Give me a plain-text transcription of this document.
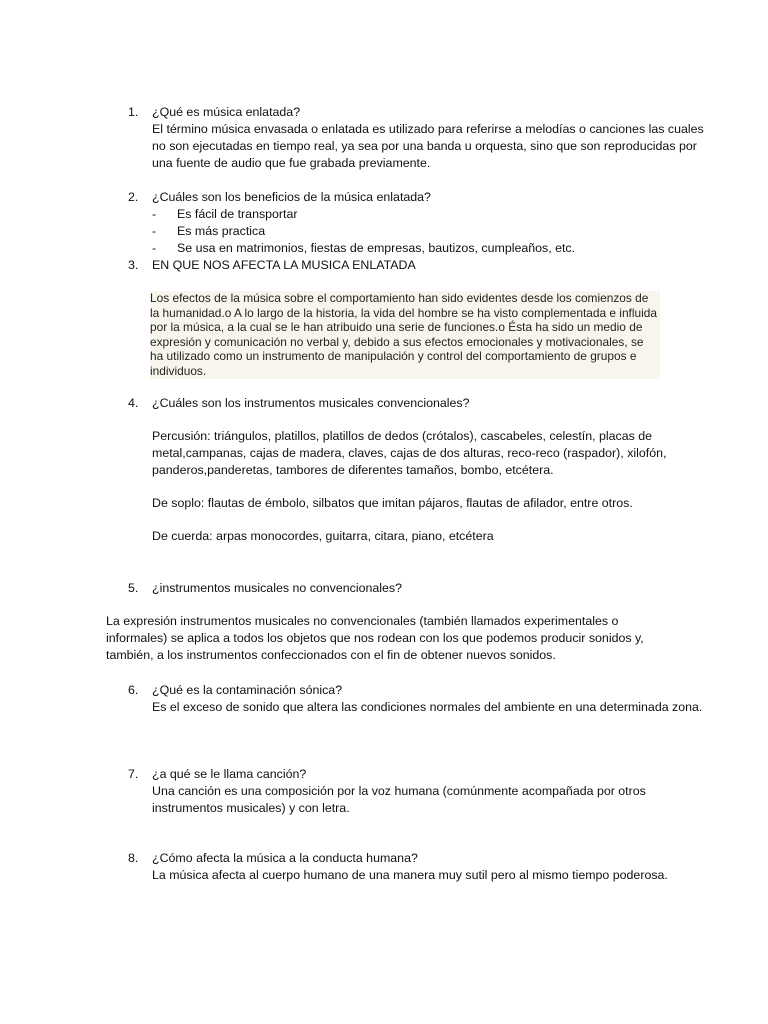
1.	¿Qué es música enlatada?
El término música envasada o enlatada es utilizado para referirse a melodías o canciones las cuales no son ejecutadas en tiempo real, ya sea por una banda u orquesta, sino que son reproducidas por una fuente de audio que fue grabada previamente.
2.	¿Cuáles son los beneficios de la música enlatada?
- Es fácil de transportar
- Es más practica
- Se usa en matrimonios, fiestas de empresas, bautizos, cumpleaños, etc.
3.	EN QUE NOS AFECTA LA MUSICA ENLATADA
Los efectos de la música sobre el comportamiento han sido evidentes desde los comienzos de la humanidad.o A lo largo de la historia, la vida del hombre se ha visto complementada e influida por la música, a la cual se le han atribuido una serie de funciones.o Ésta ha sido un medio de expresión y comunicación no verbal y, debido a sus efectos emocionales y motivacionales, se ha utilizado como un instrumento de manipulación y control del comportamiento de grupos e individuos.
4.	¿Cuáles son los instrumentos musicales convencionales?

Percusión: triángulos, platillos, platillos de dedos (crótalos), cascabeles, celestín, placas de metal,campanas, cajas de madera, claves, cajas de dos alturas, reco-reco (raspador), xilofón, panderos,panderetas, tambores de diferentes tamaños, bombo, etcétera.

De soplo: flautas de émbolo, silbatos que imitan pájaros, flautas de afilador, entre otros.

De cuerda: arpas monocordes, guitarra, citara, piano, etcétera

5.	¿instrumentos musicales no convencionales?
La expresión instrumentos musicales no convencionales (también llamados experimentales o informales) se aplica a todos los objetos que nos rodean con los que podemos producir sonidos y, también, a los instrumentos confeccionados con el fin de obtener nuevos sonidos.
6.	¿Qué es la contaminación sónica?
Es el exceso de sonido que altera las condiciones normales del ambiente en una determinada zona.
7.	¿a qué se le llama canción?
Una canción es una composición por la voz humana (comúnmente acompañada por otros instrumentos musicales) y con letra.
8.	¿Cómo afecta la música a la conducta humana?
La música afecta al cuerpo humano de una manera muy sutil pero al mismo tiempo poderosa.
